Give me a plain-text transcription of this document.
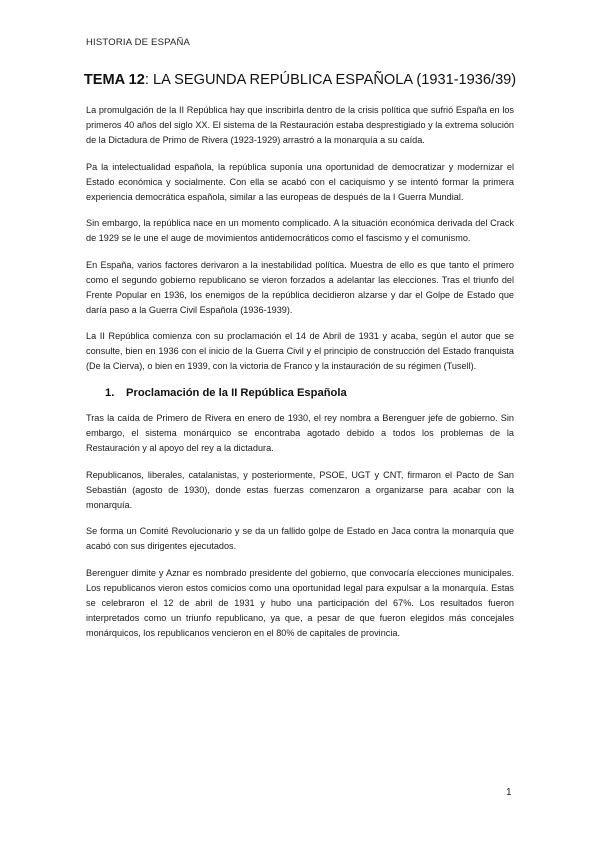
HISTORIA DE ESPAÑA
TEMA 12: LA SEGUNDA REPÚBLICA ESPAÑOLA (1931-1936/39)

La promulgación de la II República hay que inscribirla dentro de la crisis política que sufrió España en los primeros 40 años del siglo XX. El sistema de la Restauración estaba desprestigiado y la extrema solución de la Dictadura de Primo de Rivera (1923-1929) arrastró a la monarquía a su caída.

Pa la intelectualidad española, la república suponía una oportunidad de democratizar y modernizar el Estado económica y socialmente. Con ella se acabó con el caciquismo y se intentó formar la primera experiencia democrática española, similar a las europeas de después de la I Guerra Mundial.

Sin embargo, la república nace en un momento complicado. A la situación económica derivada del Crack de 1929 se le une el auge de movimientos antidemocráticos como el fascismo y el comunismo.

En España, varios factores derivaron a la inestabilidad política. Muestra de ello es que tanto el primero como el segundo gobierno republicano se vieron forzados a adelantar las elecciones. Tras el triunfo del Frente Popular en 1936, los enemigos de la república decidieron alzarse y dar el Golpe de Estado que daría paso a la Guerra Civil Española (1936-1939).

La II República comienza con su proclamación el 14 de Abril de 1931 y acaba, según el autor que se consulte, bien en 1936 con el inicio de la Guerra Civil y el principio de construcción del Estado franquista (De la Cierva), o bien en 1939, con la victoria de Franco y la instauración de su régimen (Tusell).

1.	Proclamación de la II República Española

Tras la caída de Primero de Rivera en enero de 1930, el rey nombra a Berenguer jefe de gobierno. Sin embargo, el sistema monárquico se encontraba agotado debido a todos los problemas de la Restauración y al apoyo del rey a la dictadura.

Republicanos, liberales, catalanistas, y posteriormente, PSOE, UGT y CNT, firmaron el Pacto de San Sebastián (agosto de 1930), donde estas fuerzas comenzaron a organizarse para acabar con la monarquía.

Se forma un Comité Revolucionario y se da un fallido golpe de Estado en Jaca contra la monarquía que acabó con sus dirigentes ejecutados.

Berenguer dimite y Aznar es nombrado presidente del gobierno, que convocaría elecciones municipales. Los republicanos vieron estos comicios como una oportunidad legal para expulsar a la monarquía. Estas se celebraron el 12 de abril de 1931 y hubo una participación del 67%. Los resultados fueron interpretados como un triunfo republicano, ya que, a pesar de que fueron elegidos más concejales monárquicos, los republicanos vencieron en el 80% de capitales de provincia.

1
